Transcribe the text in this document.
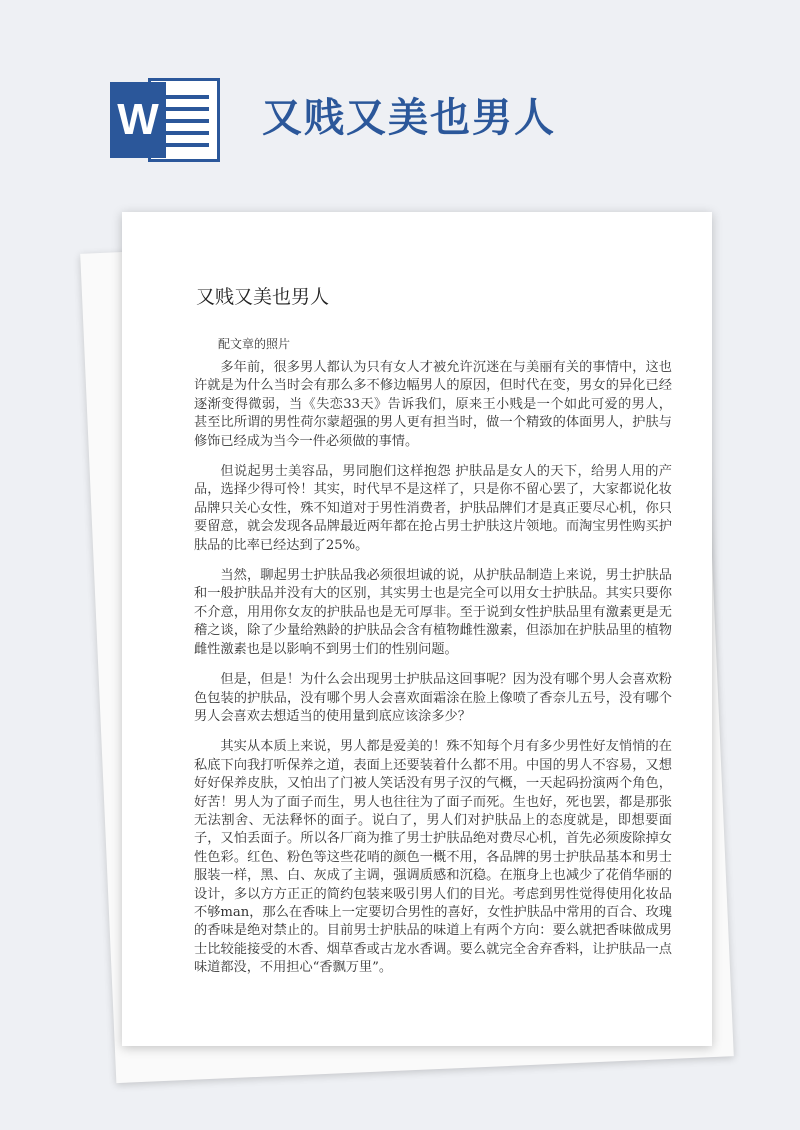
W	又贱又美也男人
又贱又美也男人
配文章的照片

多年前，很多男人都认为只有女人才被允许沉迷在与美丽有关的事情中，这也许就是为什么当时会有那么多不修边幅男人的原因，但时代在变，男女的异化已经逐渐变得微弱，当《失恋33天》告诉我们，原来王小贱是一个如此可爱的男人，甚至比所谓的男性荷尔蒙超强的男人更有担当时，做一个精致的体面男人，护肤与修饰已经成为当今一件必须做的事情。

但说起男士美容品，男同胞们这样抱怨 护肤品是女人的天下，给男人用的产品，选择少得可怜！其实，时代早不是这样了，只是你不留心罢了，大家都说化妆品牌只关心女性，殊不知道对于男性消费者，护肤品牌们才是真正要尽心机，你只要留意，就会发现各品牌最近两年都在抢占男士护肤这片领地。而淘宝男性购买护肤品的比率已经达到了25%。

当然，聊起男士护肤品我必须很坦诚的说，从护肤品制造上来说，男士护肤品和一般护肤品并没有大的区别，其实男士也是完全可以用女士护肤品。其实只要你不介意，用用你女友的护肤品也是无可厚非。至于说到女性护肤品里有激素更是无稽之谈，除了少量给熟龄的护肤品会含有植物雌性激素，但添加在护肤品里的植物雌性激素也是以影响不到男士们的性别问题。

但是，但是！为什么会出现男士护肤品这回事呢？因为没有哪个男人会喜欢粉色包装的护肤品，没有哪个男人会喜欢面霜涂在脸上像喷了香奈儿五号，没有哪个男人会喜欢去想适当的使用量到底应该涂多少？

其实从本质上来说，男人都是爱美的！殊不知每个月有多少男性好友悄悄的在私底下向我打听保养之道，表面上还要装着什么都不用。中国的男人不容易，又想好好保养皮肤，又怕出了门被人笑话没有男子汉的气概，一天起码扮演两个角色，好苦！男人为了面子而生，男人也往往为了面子而死。生也好，死也罢，都是那张无法割舍、无法释怀的面子。说白了，男人们对护肤品上的态度就是，即想要面子，又怕丢面子。所以各厂商为推了男士护肤品绝对费尽心机，首先必须废除掉女性色彩。红色、粉色等这些花哨的颜色一概不用，各品牌的男士护肤品基本和男士服装一样，黑、白、灰成了主调，强调质感和沉稳。在瓶身上也减少了花俏华丽的设计，多以方方正正的简约包装来吸引男人们的目光。考虑到男性觉得使用化妆品不够man，那么在香味上一定要切合男性的喜好，女性护肤品中常用的百合、玫瑰的香味是绝对禁止的。目前男士护肤品的味道上有两个方向：要么就把香味做成男士比较能接受的木香、烟草香或古龙水香调。要么就完全舍弃香料，让护肤品一点味道都没，不用担心“香飘万里”。
